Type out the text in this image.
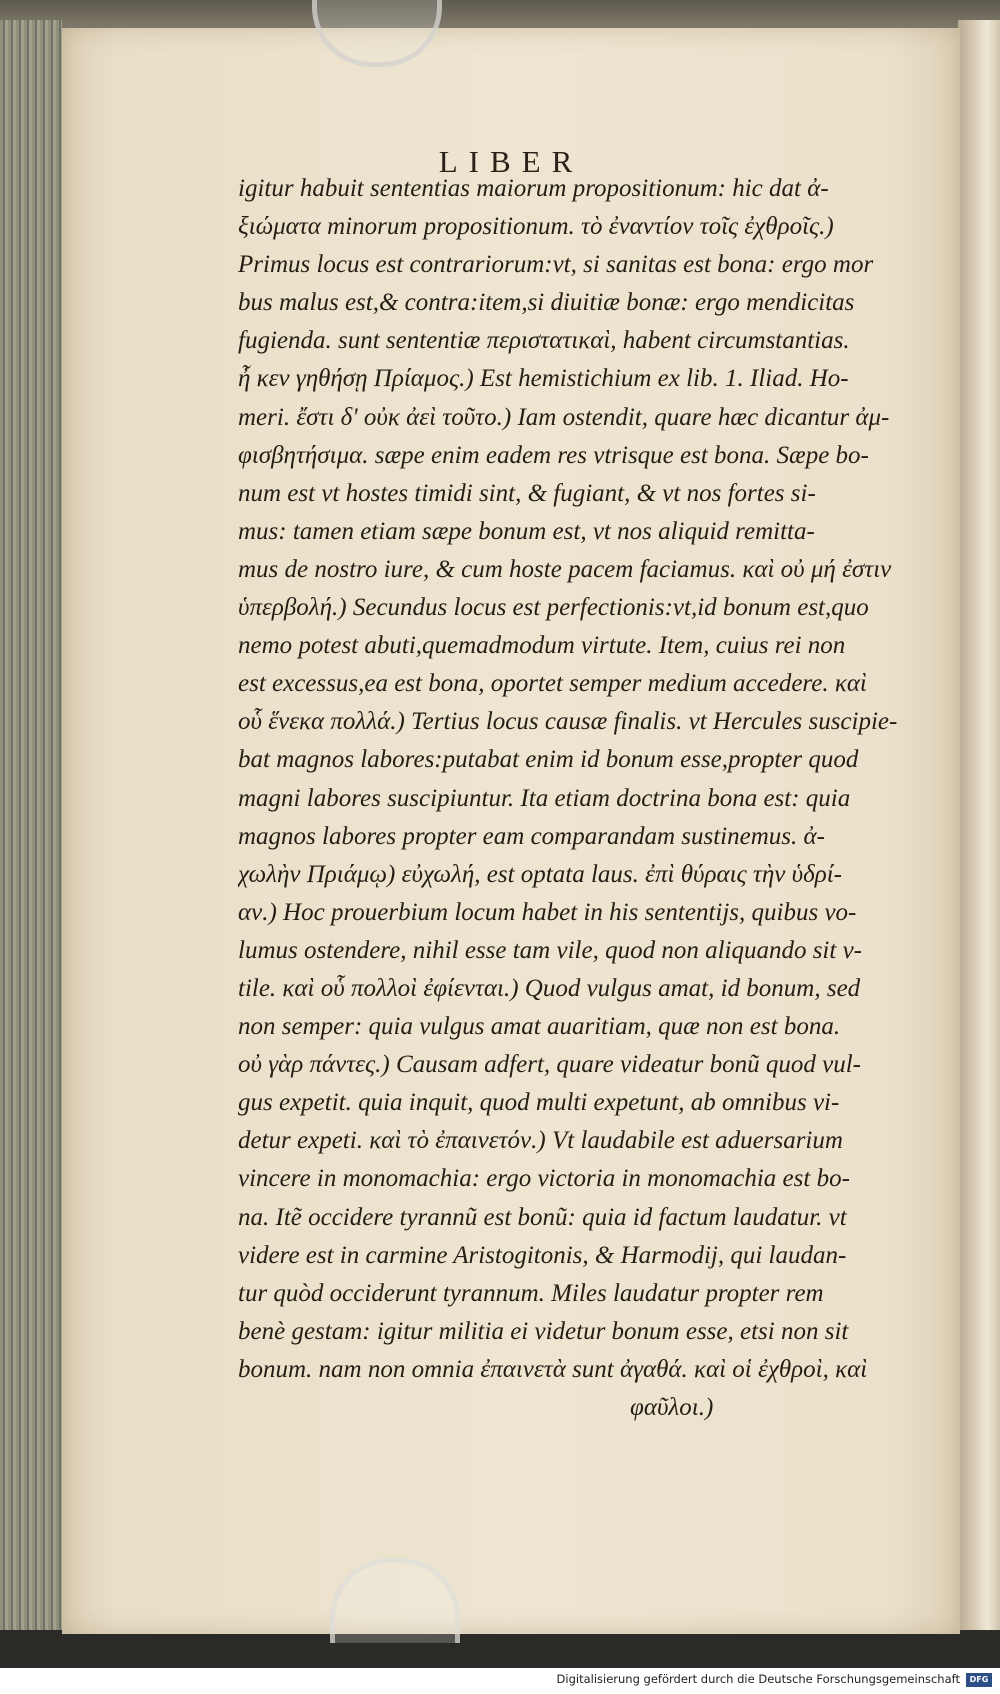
LIBER
igitur habuit sententias maiorum propositionum: hic dat ἀ-
ξιώματα minorum propositionum. τὸ ἐναντίον τοῖς ἐχθροῖς.)
Primus locus est contrariorum:vt, si sanitas est bona: ergo mor
bus malus est,& contra:item,si diuitiæ bonæ: ergo mendicitas
fugienda. sunt sententiæ περιστατικαὶ, habent circumstantias.
ἦ κεν γηθήσῃ Πρίαμος.) Est hemistichium ex lib. 1. Iliad. Ho-
meri. ἔστι δ' οὐκ ἀεὶ τοῦτο.) Iam ostendit, quare hæc dicantur ἀμ-
φισβητήσιμα. sæpe enim eadem res vtrisque est bona. Sæpe bo-
num est vt hostes timidi sint, & fugiant, & vt nos fortes si-
mus: tamen etiam sæpe bonum est, vt nos aliquid remitta-
mus de nostro iure, & cum hoste pacem faciamus. καὶ οὐ μή ἐστιν
ὑπερβολή.) Secundus locus est perfectionis:vt,id bonum est,quo
nemo potest abuti,quemadmodum virtute. Item, cuius rei non
est excessus,ea est bona, oportet semper medium accedere. καὶ
οὗ ἕνεκα πολλά.) Tertius locus causæ finalis. vt Hercules suscipie-
bat magnos labores:putabat enim id bonum esse,propter quod
magni labores suscipiuntur. Ita etiam doctrina bona est: quia
magnos labores propter eam comparandam sustinemus. ἀ-
χωλὴν Πριάμῳ) εὐχωλή, est optata laus. ἐπὶ θύραις τὴν ὑδρί-
αν.) Hoc prouerbium locum habet in his sententijs, quibus vo-
lumus ostendere, nihil esse tam vile, quod non aliquando sit v-
tile. καὶ οὗ πολλοὶ ἐφίενται.) Quod vulgus amat, id bonum, sed
non semper: quia vulgus amat auaritiam, quæ non est bona.
οὐ γὰρ πάντες.) Causam adfert, quare videatur bonũ quod vul-
gus expetit. quia inquit, quod multi expetunt, ab omnibus vi-
detur expeti. καὶ τὸ ἐπαινετόν.) Vt laudabile est aduersarium
vincere in monomachia: ergo victoria in monomachia est bo-
na. Itẽ occidere tyrannũ est bonũ: quia id factum laudatur. vt
videre est in carmine Aristogitonis, & Harmodij, qui laudan-
tur quòd occiderunt tyrannum. Miles laudatur propter rem
benè gestam: igitur militia ei videtur bonum esse, etsi non sit
bonum. nam non omnia ἐπαινετὰ sunt ἀγαθά. καὶ οἱ ἐχθροὶ, καὶ
φαῦλοι.)
Digitalisierung gefördert durch die Deutsche Forschungsgemeinschaft	DFG
